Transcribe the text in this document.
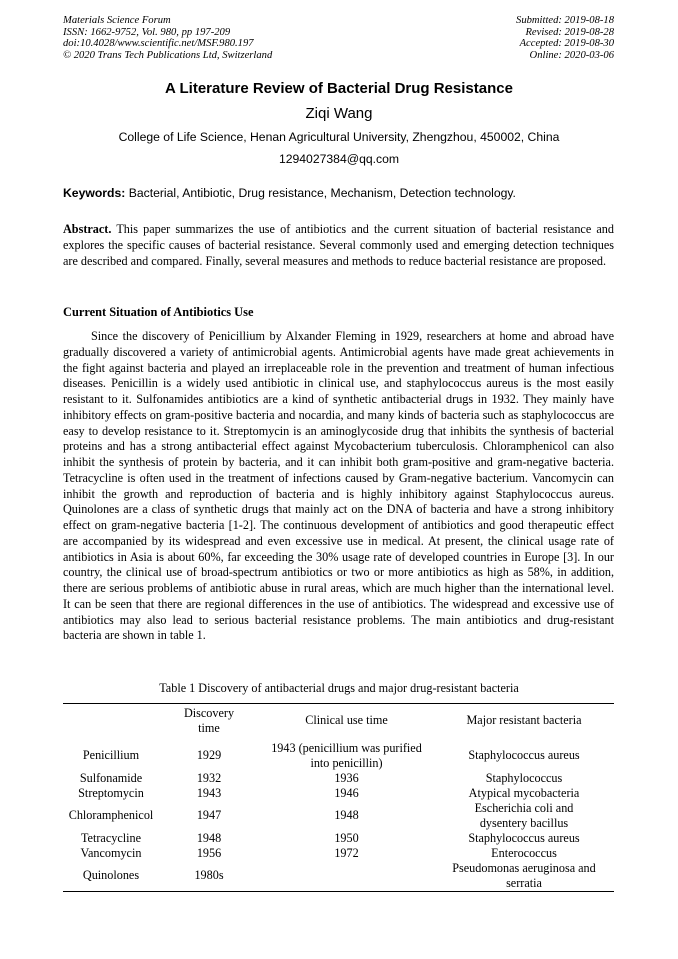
Materials Science Forum
ISSN: 1662-9752, Vol. 980, pp 197-209
doi:10.4028/www.scientific.net/MSF.980.197
© 2020 Trans Tech Publications Ltd, Switzerland
Submitted: 2019-08-18
Revised: 2019-08-28
Accepted: 2019-08-30
Online: 2020-03-06
A Literature Review of Bacterial Drug Resistance
Ziqi Wang
College of Life Science, Henan Agricultural University, Zhengzhou, 450002, China
1294027384@qq.com
Keywords: Bacterial, Antibiotic, Drug resistance, Mechanism, Detection technology.
Abstract. This paper summarizes the use of antibiotics and the current situation of bacterial resistance and explores the specific causes of bacterial resistance. Several commonly used and emerging detection techniques are described and compared. Finally, several measures and methods to reduce bacterial resistance are proposed.
Current Situation of Antibiotics Use
Since the discovery of Penicillium by Alxander Fleming in 1929, researchers at home and abroad have gradually discovered a variety of antimicrobial agents. Antimicrobial agents have made great achievements in the fight against bacteria and played an irreplaceable role in the prevention and treatment of human infectious diseases. Penicillin is a widely used antibiotic in clinical use, and staphylococcus aureus is the most easily resistant to it. Sulfonamides antibiotics are a kind of synthetic antibacterial drugs in 1932. They mainly have inhibitory effects on gram-positive bacteria and nocardia, and many kinds of bacteria such as staphylococcus are easy to develop resistance to it. Streptomycin is an aminoglycoside drug that inhibits the synthesis of bacterial proteins and has a strong antibacterial effect against Mycobacterium tuberculosis. Chloramphenicol can also inhibit the synthesis of protein by bacteria, and it can inhibit both gram-positive and gram-negative bacteria. Tetracycline is often used in the treatment of infections caused by Gram-negative bacterium. Vancomycin can inhibit the growth and reproduction of bacteria and is highly inhibitory against Staphylococcus aureus. Quinolones are a class of synthetic drugs that mainly act on the DNA of bacteria and have a strong inhibitory effect on gram-negative bacteria [1-2]. The continuous development of antibiotics and good therapeutic effect are accompanied by its widespread and even excessive use in medical. At present, the clinical usage rate of antibiotics in Asia is about 60%, far exceeding the 30% usage rate of developed countries in Europe [3]. In our country, the clinical use of broad-spectrum antibiotics or two or more antibiotics as high as 58%, in addition, there are serious problems of antibiotic abuse in rural areas, which are much higher than the international level. It can be seen that there are regional differences in the use of antibiotics. The widespread and excessive use of antibiotics may also lead to serious bacterial resistance problems. The main antibiotics and drug-resistant bacteria are shown in table 1.
Table 1 Discovery of antibacterial drugs and major drug-resistant bacteria

	Discovery time	Clinical use time	Major resistant bacteria
Penicillium	1929	1943 (penicillium was purified into penicillin)	Staphylococcus aureus
Sulfonamide	1932	1936	Staphylococcus
Streptomycin	1943	1946	Atypical mycobacteria
Chloramphenicol	1947	1948	Escherichia coli and dysentery bacillus

Tetracycline	1948	1950	Staphylococcus aureus
Vancomycin	1956	1972	Enterococcus
Quinolones	1980s		Pseudomonas aeruginosa and serratia
